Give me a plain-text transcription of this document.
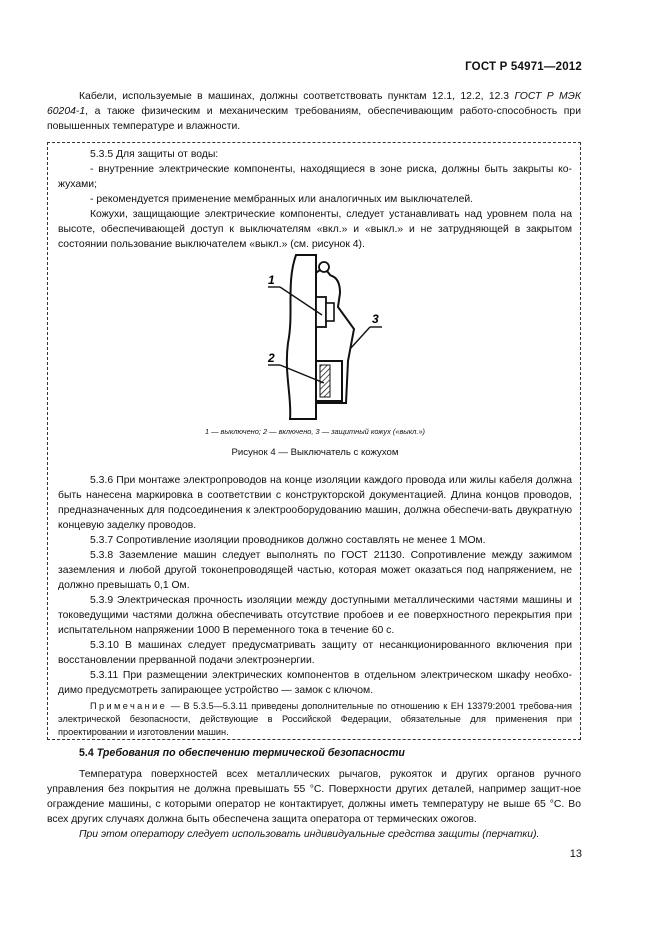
ГОСТ Р 54971—2012

Кабели, используемые в машинах, должны соответствовать пунктам 12.1, 12.2, 12.3 ГОСТ Р МЭК 60204-1, а также физическим и механическим требованиям, обеспечивающим работо-способность при повышенных температуре и влажности.

5.3.5 Для защиты от воды:

- внутренние электрические компоненты, находящиеся в зоне риска, должны быть закрыты ко-жухами;

- рекомендуется применение мембранных или аналогичных им выключателей.

Кожухи, защищающие электрические компоненты, следует устанавливать над уровнем пола на высоте, обеспечивающей доступ к выключателям «вкл.» и «выкл.» и не затрудняющей в закрытом состоянии пользование выключателем «выкл.» (см. рисунок 4).

1
2
3
1 — выключено; 2 — включено, 3 — защитный кожух («выкл.»)
Рисунок 4 — Выключатель с кожухом

5.3.6 При монтаже электропроводов на конце изоляции каждого провода или жилы кабеля должна быть нанесена маркировка в соответствии с конструкторской документацией. Длина концов проводов, предназначенных для подсоединения к электрооборудованию машин, должна обеспечи-вать двукратную концевую заделку проводов.

5.3.7 Сопротивление изоляции проводников должно составлять не менее 1 МОм.

5.3.8 Заземление машин следует выполнять по ГОСТ 21130. Сопротивление между зажимом заземления и любой другой токонепроводящей частью, которая может оказаться под напряжением, не должно превышать 0,1 Ом.

5.3.9 Электрическая прочность изоляции между доступными металлическими частями машины и токоведущими частями должна обеспечивать отсутствие пробоев и ее поверхностного перекрытия при испытательном напряжении 1000 В переменного тока в течение 60 с.

5.3.10 В машинах следует предусматривать защиту от несанкционированного включения при восстановлении прерванной подачи электроэнергии.

5.3.11 При размещении электрических компонентов в отдельном электрическом шкафу необхо-димо предусмотреть запирающее устройство — замок с ключом.

Примечание — В 5.3.5—5.3.11 приведены дополнительные по отношению к ЕН 13379:2001 требова-ния электрической безопасности, действующие в Российской Федерации, обязательные для применения при проектировании и изготовлении машин.

5.4 Требования по обеспечению термической безопасности

Температура поверхностей всех металлических рычагов, рукояток и других органов ручного управления без покрытия не должна превышать 55 °С. Поверхности других деталей, например защит-ное ограждение машины, с которыми оператор не контактирует, должны иметь температуру не выше 65 °С. Во всех других случаях должна быть обеспечена защита оператора от термических ожогов.

При этом оператору следует использовать индивидуальные средства защиты (перчатки).

13
